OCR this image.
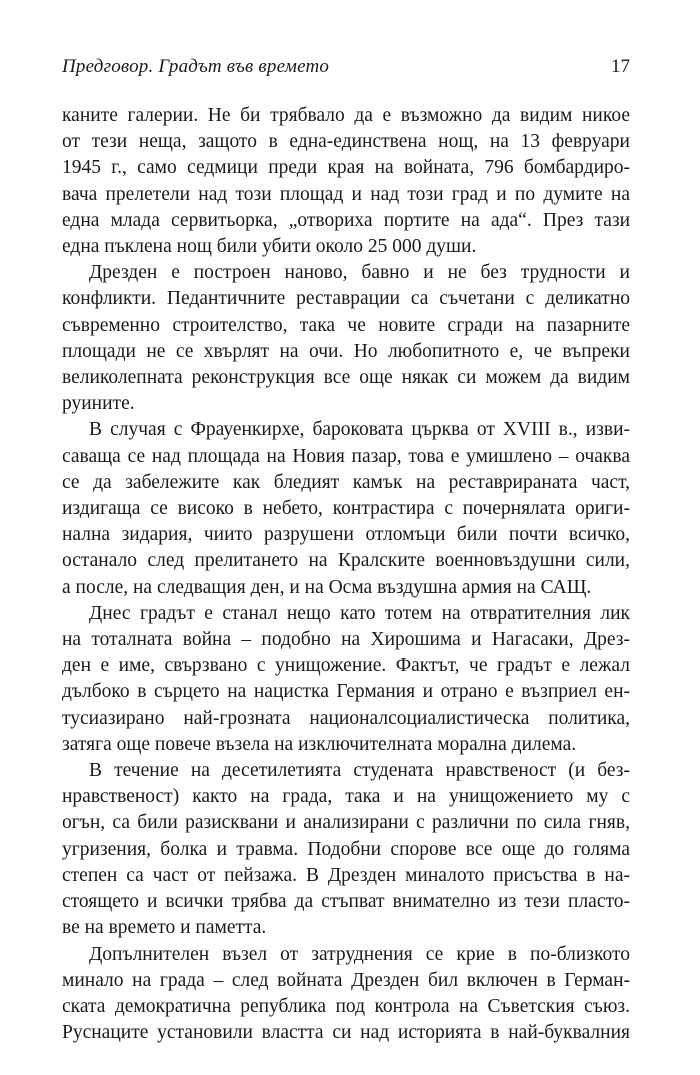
Предговор. Градът във времето	17
каните галерии. Не би трябвало да е възможно да видим никое
от тези неща, защото в една-единствена нощ, на 13 февруари
1945 г., само седмици преди края на войната, 796 бомбардиро-
вача прелетели над този площад и над този град и по думите на
една млада сервитьорка, „отвориха портите на ада“. През тази
една пъклена нощ били убити около 25 000 души.
Дрезден е построен наново, бавно и не без трудности и
конфликти. Педантичните реставрации са съчетани с деликатно
съвременно строителство, така че новите сгради на пазарните
площади не се хвърлят на очи. Но любопитното е, че въпреки
великолепната реконструкция все още някак си можем да видим
руините.
В случая с Фрауенкирхе, бароковата църква от XVIII в., изви-
саваща се над площада на Новия пазар, това е умишлено – очаква
се да забележите как бледият камък на реставрираната част,
издигаща се високо в небето, контрастира с почернялата ориги-
нална зидария, чиито разрушени отломъци били почти всичко,
останало след прелитането на Кралските военновъздушни сили,
а после, на следващия ден, и на Осма въздушна армия на САЩ.
Днес градът е станал нещо като тотем на отвратителния лик
на тоталната война – подобно на Хирошима и Нагасаки, Дрез-
ден е име, свързвано с унищожение. Фактът, че градът е лежал
дълбоко в сърцето на нацистка Германия и отрано е възприел ен-
тусиазирано най-грозната националсоциалистическа политика,
затяга още повече възела на изключителната морална дилема.
В течение на десетилетията студената нравственост (и без-
нравственост) както на града, така и на унищожението му с
огън, са били разисквани и анализирани с различни по сила гняв,
угризения, болка и травма. Подобни спорове все още до голяма
степен са част от пейзажа. В Дрезден миналото присъства в на-
стоящето и всички трябва да стъпват внимателно из тези пласто-
ве на времето и паметта.
Допълнителен възел от затруднения се крие в по-близкото
минало на града – след войната Дрезден бил включен в Герман-
ската демократична република под контрола на Съветския съюз.
Руснаците установили властта си над историята в най-буквалния
